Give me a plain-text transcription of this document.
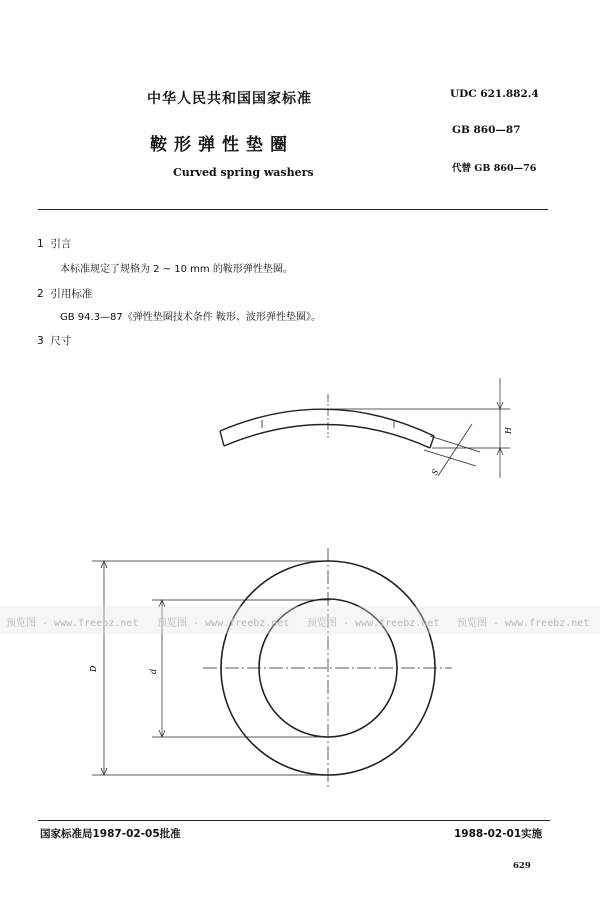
中华人民共和国国家标准	UDC 621.882.4
鞍形弹性垫圈
GB 860—87
Curved spring washers	代替 GB 860—76
1 引言
本标准规定了规格为 2 ~ 10 mm 的鞍形弹性垫圈。
2 引用标准
GB 94.3—87《弹性垫圈技术条件 鞍形、波形弹性垫圈》。
3 尺寸
H
S
D	d
预览图 - www.freebz.net 预览图 - www.freebz.net 预览图 - www.freebz.net 预览图 - www.freebz.net
国家标准局1987-02-05批准	1988-02-01实施
629
